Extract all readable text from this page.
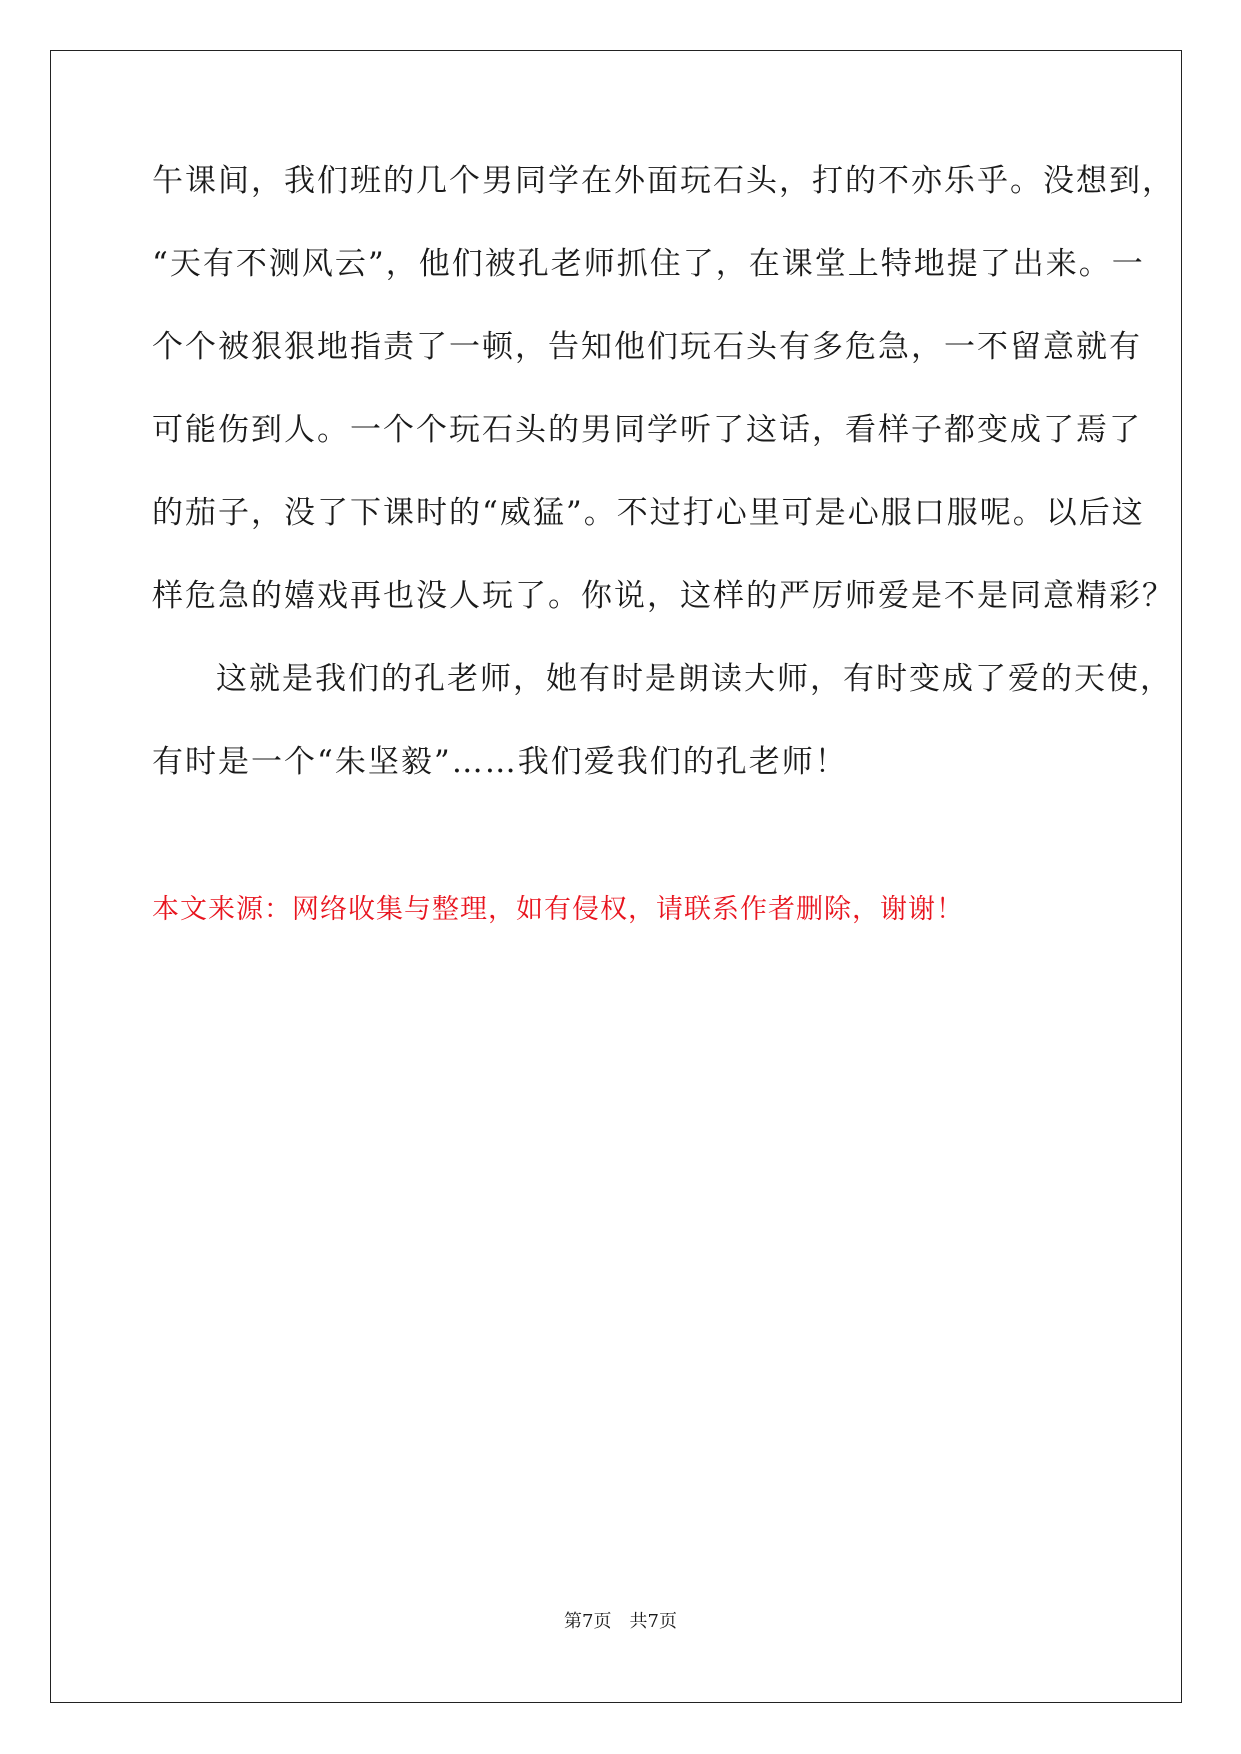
午课间，我们班的几个男同学在外面玩石头，打的不亦乐乎。没想到，
“天有不测风云”，他们被孔老师抓住了，在课堂上特地提了出来。一
个个被狠狠地指责了一顿，告知他们玩石头有多危急，一不留意就有
可能伤到人。一个个玩石头的男同学听了这话，看样子都变成了焉了
的茄子，没了下课时的“威猛”。不过打心里可是心服口服呢。以后这
样危急的嬉戏再也没人玩了。你说，这样的严厉师爱是不是同意精彩？
这就是我们的孔老师，她有时是朗读大师，有时变成了爱的天使，
有时是一个“朱坚毅”……我们爱我们的孔老师！
本文来源：网络收集与整理，如有侵权，请联系作者删除，谢谢！
第7页　共7页
